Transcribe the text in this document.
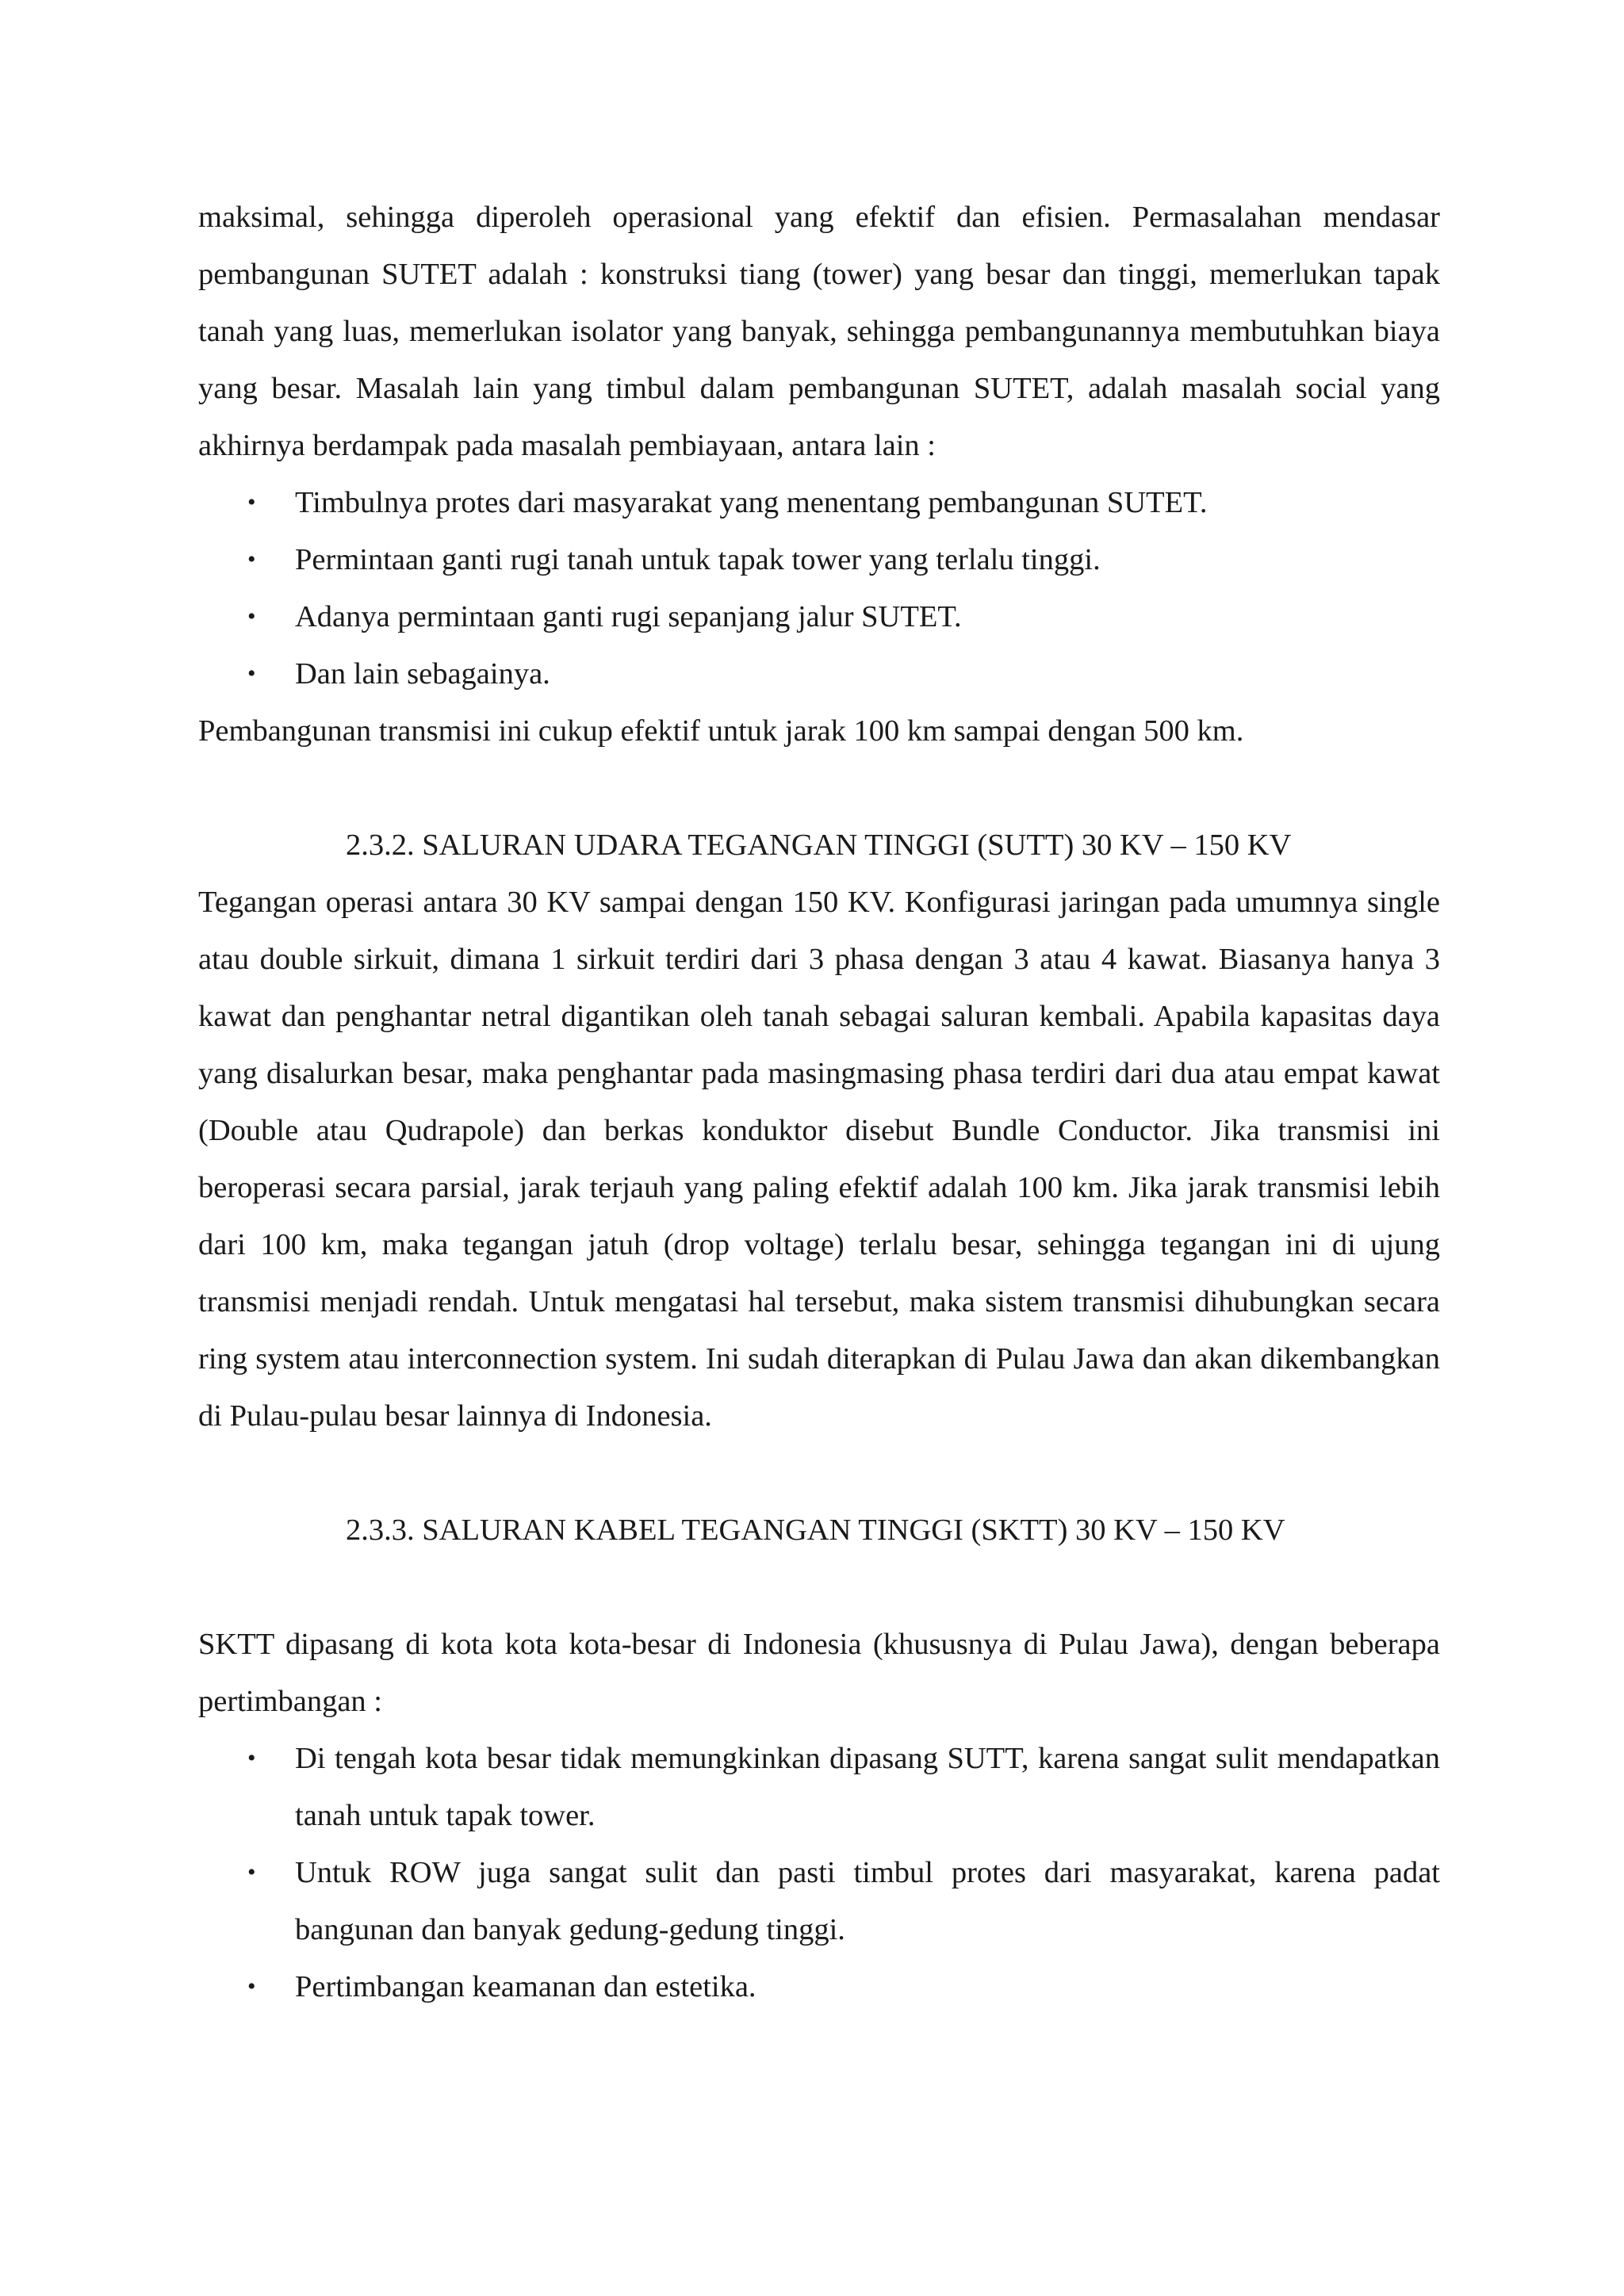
maksimal, sehingga diperoleh operasional yang efektif dan efisien. Permasalahan mendasar pembangunan SUTET adalah : konstruksi tiang (tower) yang besar dan tinggi, memerlukan tapak tanah yang luas, memerlukan isolator yang banyak, sehingga pembangunannya membutuhkan biaya yang besar. Masalah lain yang timbul dalam pembangunan SUTET, adalah masalah social yang akhirnya berdampak pada masalah pembiayaan, antara lain :

• Timbulnya protes dari masyarakat yang menentang pembangunan SUTET.
• Permintaan ganti rugi tanah untuk tapak tower yang terlalu tinggi.
• Adanya permintaan ganti rugi sepanjang jalur SUTET.
• Dan lain sebagainya.

Pembangunan transmisi ini cukup efektif untuk jarak 100 km sampai dengan 500 km.

2.3.2. SALURAN UDARA TEGANGAN TINGGI (SUTT) 30 KV – 150 KV

Tegangan operasi antara 30 KV sampai dengan 150 KV. Konfigurasi jaringan pada umumnya single atau double sirkuit, dimana 1 sirkuit terdiri dari 3 phasa dengan 3 atau 4 kawat. Biasanya hanya 3 kawat dan penghantar netral digantikan oleh tanah sebagai saluran kembali. Apabila kapasitas daya yang disalurkan besar, maka penghantar pada masingmasing phasa terdiri dari dua atau empat kawat (Double atau Qudrapole) dan berkas konduktor disebut Bundle Conductor. Jika transmisi ini beroperasi secara parsial, jarak terjauh yang paling efektif adalah 100 km. Jika jarak transmisi lebih dari 100 km, maka tegangan jatuh (drop voltage) terlalu besar, sehingga tegangan ini di ujung transmisi menjadi rendah. Untuk mengatasi hal tersebut, maka sistem transmisi dihubungkan secara ring system atau interconnection system. Ini sudah diterapkan di Pulau Jawa dan akan dikembangkan di Pulau-pulau besar lainnya di Indonesia.

2.3.3. SALURAN KABEL TEGANGAN TINGGI (SKTT) 30 KV – 150 KV

SKTT dipasang di kota kota kota-besar di Indonesia (khususnya di Pulau Jawa), dengan beberapa pertimbangan :

• Di tengah kota besar tidak memungkinkan dipasang SUTT, karena sangat sulit mendapatkan tanah untuk tapak tower.
• Untuk ROW juga sangat sulit dan pasti timbul protes dari masyarakat, karena padat bangunan dan banyak gedung-gedung tinggi.
• Pertimbangan keamanan dan estetika.
